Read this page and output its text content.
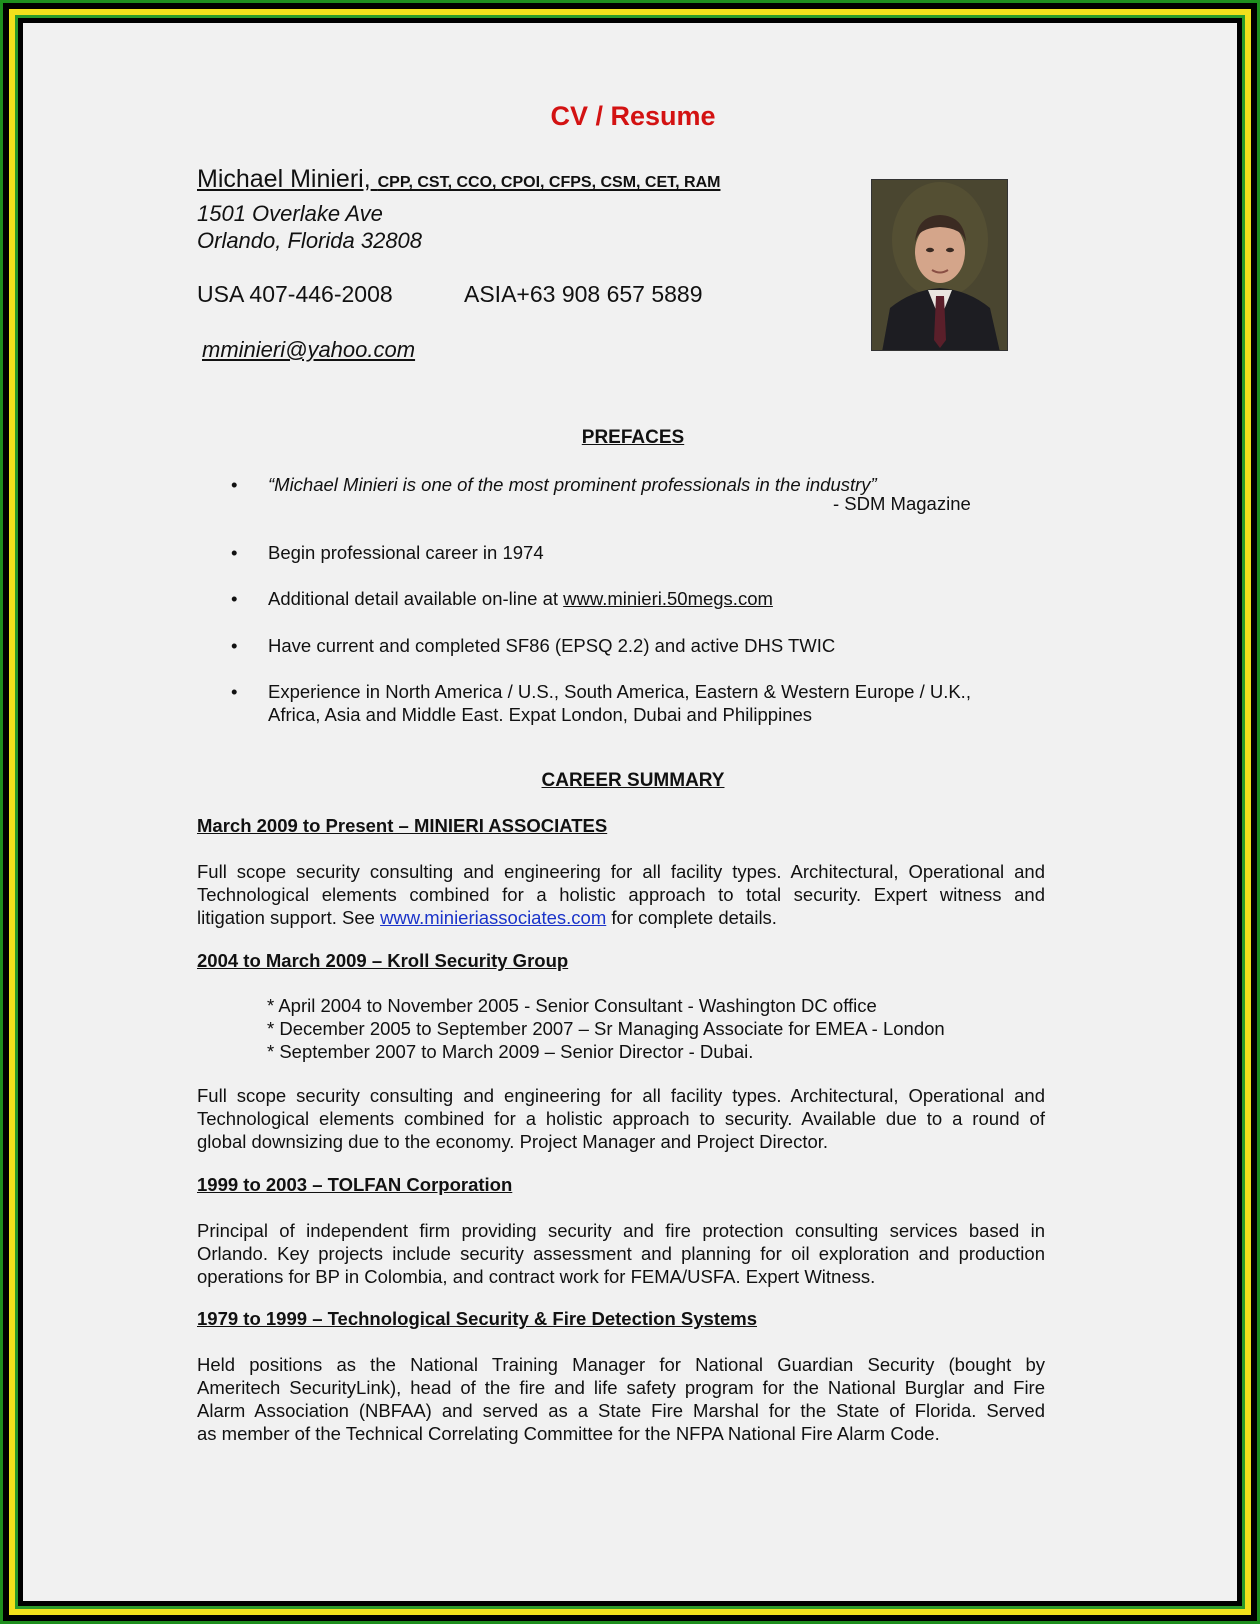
CV / Resume
Michael Minieri, CPP, CST, CCO, CPOI, CFPS, CSM, CET, RAM
1501 Overlake Ave
Orlando, Florida 32808
USA 407-446-2008	ASIA+63 908 657 5889
mminieri@yahoo.com
PREFACES
• “Michael Minieri is one of the most prominent professionals in the industry”
- SDM Magazine
• Begin professional career in 1974
• Additional detail available on-line at www.minieri.50megs.com
• Have current and completed SF86 (EPSQ 2.2) and active DHS TWIC
• Experience in North America / U.S., South America, Eastern & Western Europe / U.K.,
Africa, Asia and Middle East. Expat London, Dubai and Philippines
CAREER SUMMARY
March 2009 to Present – MINIERI ASSOCIATES
Full scope security consulting and engineering for all facility types. Architectural, Operational and
Technological elements combined for a holistic approach to total security. Expert witness and
litigation support. See www.minieriassociates.com for complete details.
2004 to March 2009 – Kroll Security Group
* April 2004 to November 2005 - Senior Consultant - Washington DC office
* December 2005 to September 2007 – Sr Managing Associate for EMEA - London
* September 2007 to March 2009 – Senior Director - Dubai.
Full scope security consulting and engineering for all facility types. Architectural, Operational and
Technological elements combined for a holistic approach to security. Available due to a round of
global downsizing due to the economy. Project Manager and Project Director.
1999 to 2003 – TOLFAN Corporation
Principal of independent firm providing security and fire protection consulting services based in
Orlando. Key projects include security assessment and planning for oil exploration and production
operations for BP in Colombia, and contract work for FEMA/USFA. Expert Witness.
1979 to 1999 – Technological Security & Fire Detection Systems
Held positions as the National Training Manager for National Guardian Security (bought by
Ameritech SecurityLink), head of the fire and life safety program for the National Burglar and Fire
Alarm Association (NBFAA) and served as a State Fire Marshal for the State of Florida. Served
as member of the Technical Correlating Committee for the NFPA National Fire Alarm Code.
